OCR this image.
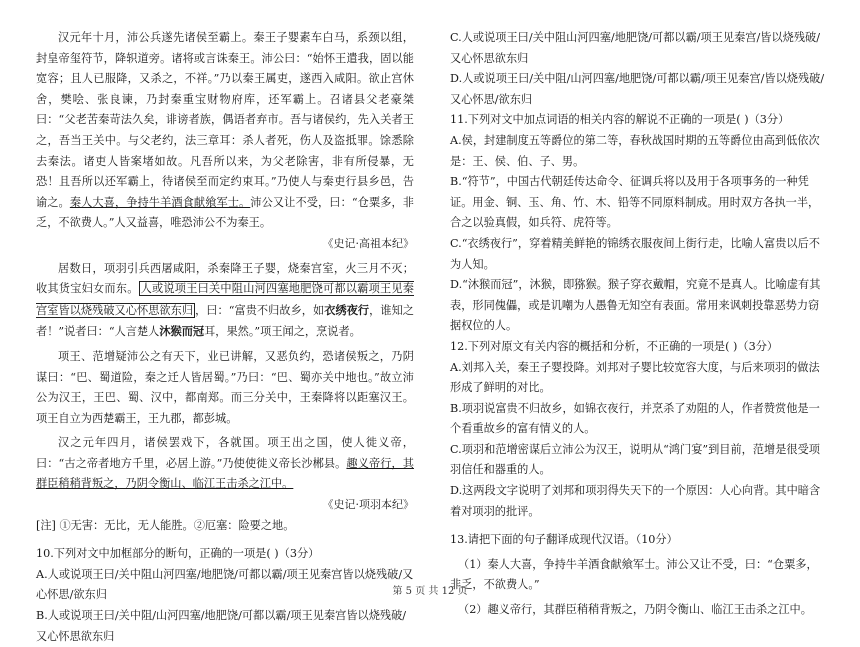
汉元年十月，沛公兵遂先诸侯至霸上。秦王子婴素车白马，系颈以组，封皇帝玺符节，降轵道旁。诸将或言诛秦王。沛公曰：“始怀王遣我，固以能宽容；且人已服降，又杀之，不祥。”乃以秦王属吏，遂西入咸阳。欲止宫休舍，樊哙、张良谏，乃封秦重宝财物府库，还军霸上。召诸县父老豪桀曰：“父老苦秦苛法久矣，诽谤者族，偶语者弃市。吾与诸侯约，先入关者王之，吾当王关中。与父老约，法三章耳：杀人者死，伤人及盗抵罪。馀悉除去秦法。诸吏人皆案堵如故。凡吾所以来，为父老除害，非有所侵暴，无恐！且吾所以还军霸上，待诸侯至而定约束耳。”乃使人与秦吏行县乡邑，告谕之。秦人大喜，争持牛羊酒食献飨军士。沛公又让不受，曰：“仓粟多，非乏，不欲费人。”人又益喜，唯恐沛公不为秦王。

《史记·高祖本纪》

居数日，项羽引兵西屠咸阳，杀秦降王子婴，烧秦宫室，火三月不灭；收其货宝妇女而东。 人或说项王曰关中阻山河四塞地肥饶可都以霸项王见秦宫室皆以烧残破又心怀思欲东归 ，曰：“富贵不归故乡，如衣绣夜行，谁知之者！”说者曰：“人言楚人沐猴而冠耳，果然。”项王闻之，烹说者。

项王、范增疑沛公之有天下，业已讲解，又恶负约，恐诸侯叛之，乃阴谋曰：“巴、蜀道险，秦之迁人皆居蜀。”乃曰：“巴、蜀亦关中地也。”故立沛公为汉王，王巴、蜀、汉中，都南郑。而三分关中，王秦降将以距塞汉王。项王自立为西楚霸王，王九郡，都彭城。

汉之元年四月，诸侯罢戏下，各就国。项王出之国，使人徙义帝，曰：“古之帝者地方千里，必居上游。”乃使使徙义帝长沙郴县。趣义帝行，其群臣稍稍背叛之，乃阴令衡山、临江王击杀之江中。

《史记·项羽本纪》

[注] ①无害：无比，无人能胜。②厄塞：险要之地。

10.下列对文中加框部分的断句，正确的一项是( )（3分）

A.人或说项王曰/关中阻山河四塞/地肥饶/可都以霸/项王见秦宫皆以烧残破/又心怀思/欲东归

B.人或说项王曰/关中阻/山河四塞/地肥饶/可都以霸/项王见秦宫皆以烧残破/又心怀思欲东归

C.人或说项王曰/关中阻山河四塞/地肥饶/可都以霸/项王见秦宫/皆以烧残破/又心怀思欲东归

D.人或说项王曰/关中阻/山河四塞/地肥饶/可都以霸/项王见秦宫/皆以烧残破/又心怀思/欲东归

11.下列对文中加点词语的相关内容的解说不正确的一项是( )（3分）

A.侯，封建制度五等爵位的第二等，春秋战国时期的五等爵位由高到低依次是：王、侯、伯、子、男。

B.“符节”，中国古代朝廷传达命令、征调兵将以及用于各项事务的一种凭证。用金、铜、玉、角、竹、木、铅等不同原料制成。用时双方各执一半，合之以验真假，如兵符、虎符等。

C.“衣绣夜行”，穿着精美鲜艳的锦绣衣服夜间上街行走，比喻人富贵以后不为人知。

D.“沐猴而冠”，沐猴，即猕猴。猴子穿衣戴帽，究竟不是真人。比喻虚有其表，形同傀儡，或是讥嘲为人愚鲁无知空有表面。常用来讽刺投靠恶势力窃据权位的人。

12.下列对原文有关内容的概括和分析，不正确的一项是( )（3分）

A.刘邦入关，秦王子婴投降。刘邦对子婴比较宽容大度，与后来项羽的做法形成了鲜明的对比。

B.项羽说富贵不归故乡，如锦衣夜行，并烹杀了劝阻的人，作者赞赏他是一个看重故乡的富有情义的人。

C.项羽和范增密谋后立沛公为汉王，说明从“鸿门宴”到目前，范增是很受项羽信任和器重的人。

D.这两段文字说明了刘邦和项羽得失天下的一个原因：人心向背。其中暗含着对项羽的批评。

13.请把下面的句子翻译成现代汉语。（10分）

（1）秦人大喜，争持牛羊酒食献飨军士。沛公又让不受，曰：“仓粟多，非乏，不欲费人。”

（2）趣义帝行，其群臣稍稍背叛之，乃阴令衡山、临江王击杀之江中。

第 5 页 共 12 页
